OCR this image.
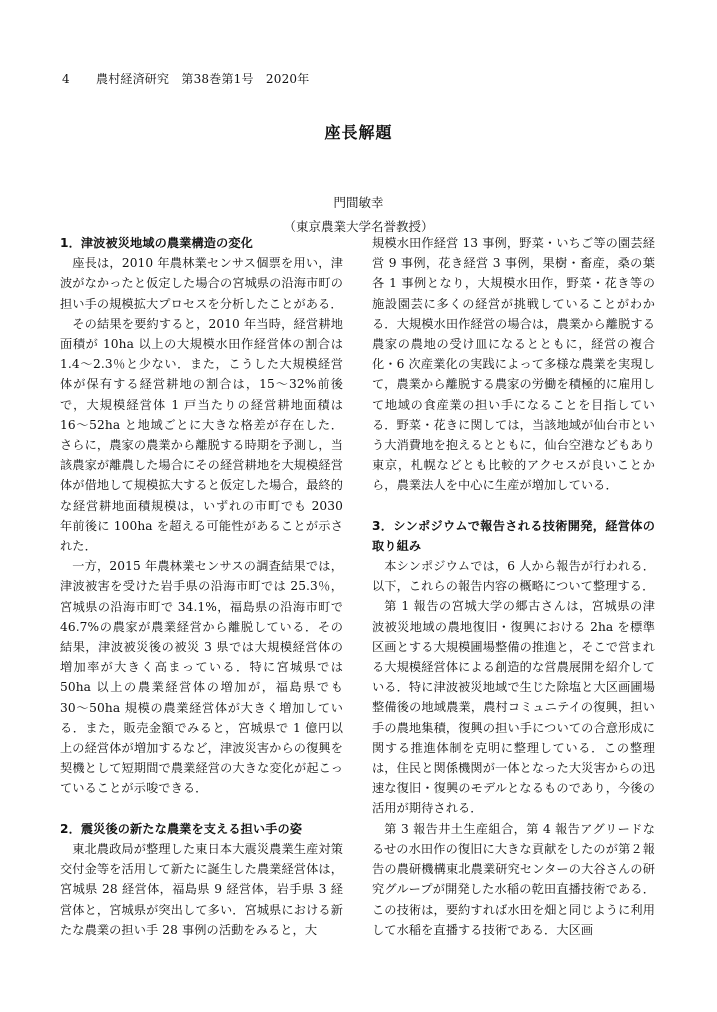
4 農村経済研究　第38巻第1号　2020年
座長解題
門間敏幸
（東京農業大学名誉教授）
1．津波被災地域の農業構造の変化

座長は，2010 年農林業センサス個票を用い，津波がなかったと仮定した場合の宮城県の沿海市町の担い手の規模拡大プロセスを分析したことがある．

その結果を要約すると，2010 年当時，経営耕地面積が 10ha 以上の大規模水田作経営体の割合は 1.4〜2.3％と少ない．また，こうした大規模経営体が保有する経営耕地の割合は，15〜32%前後で，大規模経営体 1 戸当たりの経営耕地面積は 16〜52ha と地域ごとに大きな格差が存在した．さらに，農家の農業から離脱する時期を予測し，当該農家が離農した場合にその経営耕地を大規模経営体が借地して規模拡大すると仮定した場合，最終的な経営耕地面積規模は，いずれの市町でも 2030 年前後に 100ha を超える可能性があることが示された．

一方，2015 年農林業センサスの調査結果では，津波被害を受けた岩手県の沿海市町では 25.3％，宮城県の沿海市町で 34.1%，福島県の沿海市町で 46.7%の農家が農業経営から離脱している．その結果，津波被災後の被災 3 県では大規模経営体の増加率が大きく高まっている．特に宮城県では 50ha 以上の農業経営体の増加が，福島県でも 30〜50ha 規模の農業経営体が大きく増加している．また，販売金額でみると，宮城県で 1 億円以上の経営体が増加するなど，津波災害からの復興を契機として短期間で農業経営の大きな変化が起こっていることが示唆できる．

2．震災後の新たな農業を支える担い手の姿

東北農政局が整理した東日本大震災農業生産対策交付金等を活用して新たに誕生した農業経営体は，宮城県 28 経営体，福島県 9 経営体，岩手県 3 経営体と，宮城県が突出して多い．宮城県における新たな農業の担い手 28 事例の活動をみると，大

規模水田作経営 13 事例，野菜・いちご等の園芸経営 9 事例，花き経営 3 事例，果樹・畜産，桑の葉各 1 事例となり，大規模水田作，野菜・花き等の施設園芸に多くの経営が挑戦していることがわかる．大規模水田作経営の場合は，農業から離脱する農家の農地の受け皿になるとともに，経営の複合化・6 次産業化の実践によって多様な農業を実現して，農業から離脱する農家の労働を積極的に雇用して地域の食産業の担い手になることを目指している．野菜・花きに関しては，当該地域が仙台市という大消費地を抱えるとともに，仙台空港などもあり東京，札幌などとも比較的アクセスが良いことから，農業法人を中心に生産が増加している．

3．シンポジウムで報告される技術開発，経営体の取り組み

本シンポジウムでは，6 人から報告が行われる．以下，これらの報告内容の概略について整理する．

第 1 報告の宮城大学の郷古さんは，宮城県の津波被災地域の農地復旧・復興における 2ha を標準区画とする大規模圃場整備の推進と，そこで営まれる大規模経営体による創造的な営農展開を紹介している．特に津波被災地域で生じた除塩と大区画圃場整備後の地域農業，農村コミュニテイの復興，担い手の農地集積，復興の担い手についての合意形成に関する推進体制を克明に整理している．この整理は，住民と関係機関が一体となった大災害からの迅速な復旧・復興のモデルとなるものであり，今後の活用が期待される．

第 3 報告井土生産組合，第 4 報告アグリードなるせの水田作の復旧に大きな貢献をしたのが第２報告の農研機構東北農業研究センターの大谷さんの研究グループが開発した水稲の乾田直播技術である．この技術は，要約すれば水田を畑と同じように利用して水稲を直播する技術である．大区画
